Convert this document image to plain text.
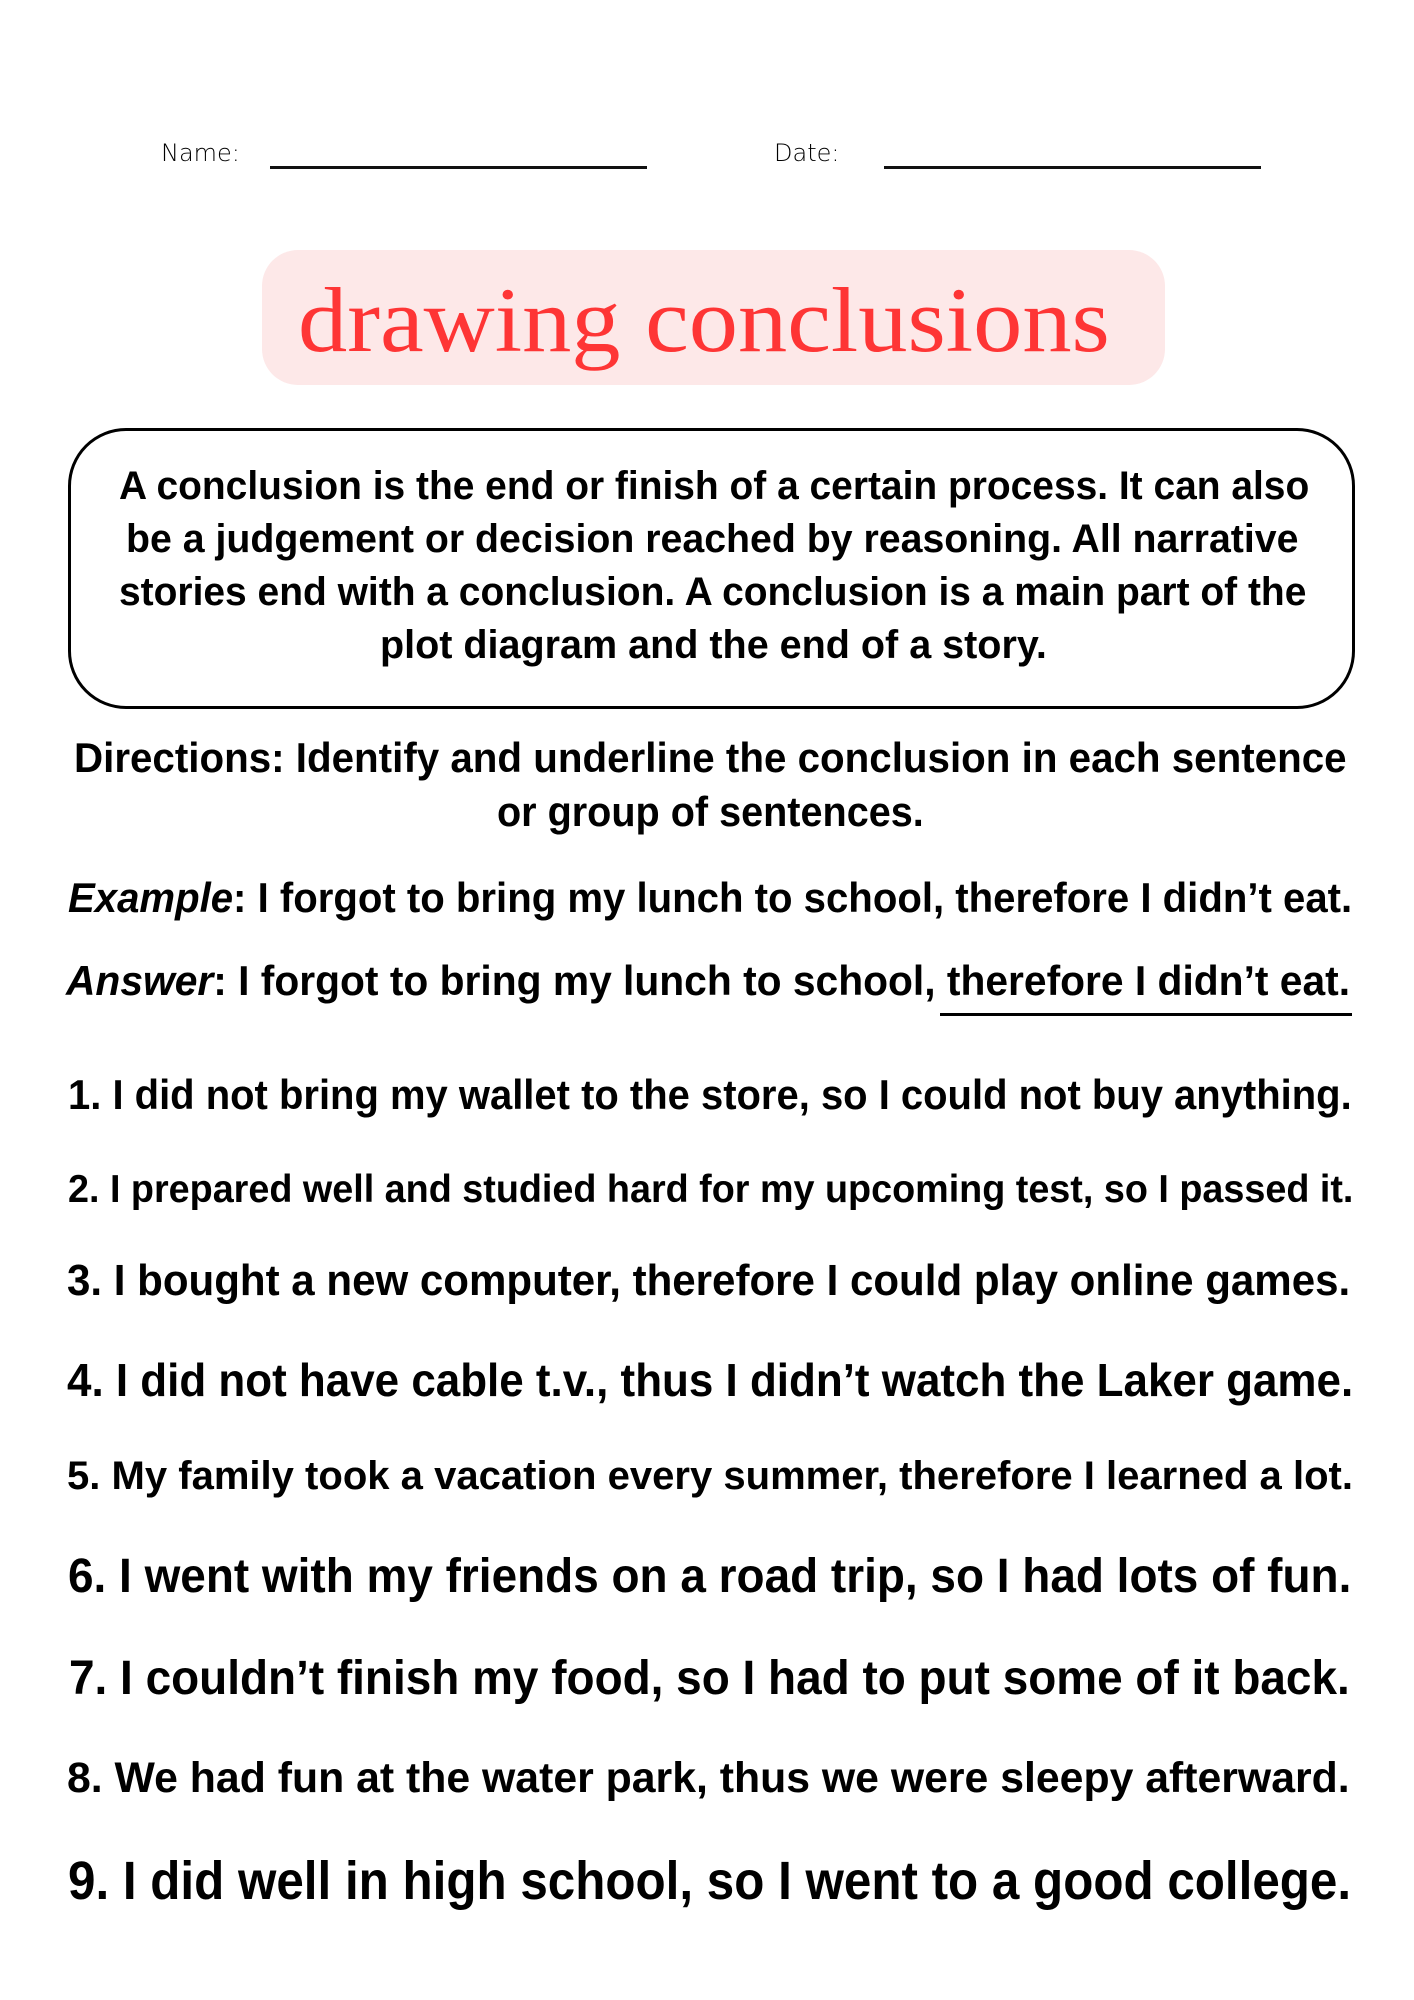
Name:	Date:
drawing conclusions
A conclusion is the end or finish of a certain process. It can also
be a judgement or decision reached by reasoning. All narrative
stories end with a conclusion. A conclusion is a main part of the
plot diagram and the end of a story.
Directions: Identify and underline the conclusion in each sentence
or group of sentences.
Example: I forgot to bring my lunch to school, therefore I didn’t eat.
Answer: I forgot to bring my lunch to school, therefore I didn’t eat.
1. I did not bring my wallet to the store, so I could not buy anything.
2. I prepared well and studied hard for my upcoming test, so I passed it.
3. I bought a new computer, therefore I could play online games.
4. I did not have cable t.v., thus I didn’t watch the Laker game.
5. My family took a vacation every summer, therefore I learned a lot.
6. I went with my friends on a road trip, so I had lots of fun.
7. I couldn’t finish my food, so I had to put some of it back.
8. We had fun at the water park, thus we were sleepy afterward.
9. I did well in high school, so I went to a good college.
